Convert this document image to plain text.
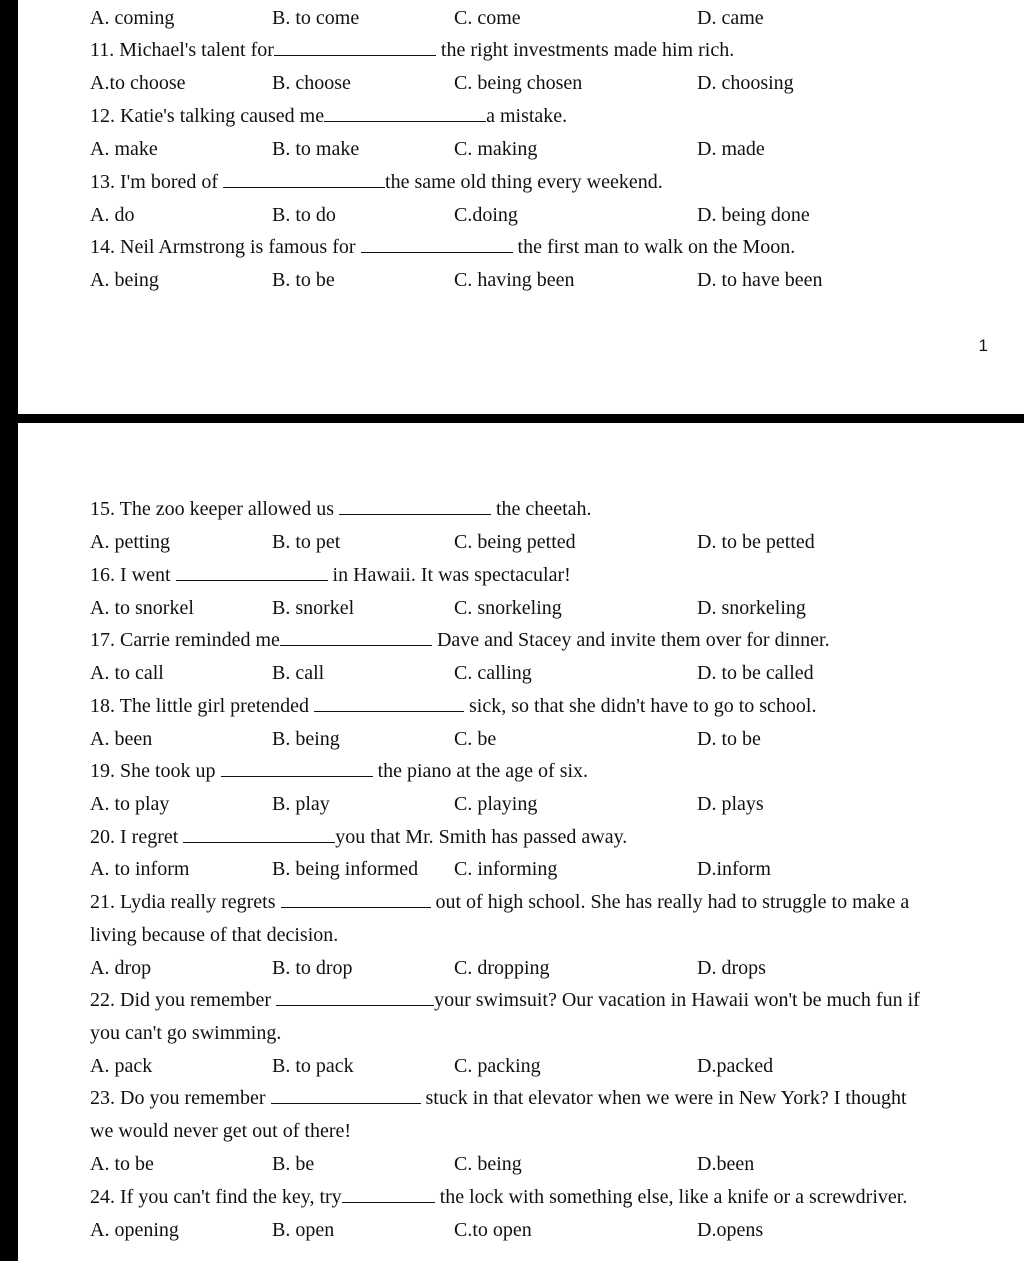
A. coming	B. to come	C. come	D. came
11. Michael's talent for	the right investments made him rich.
A.to choose	B. choose	C. being chosen	D. choosing
12. Katie's talking caused me	a mistake.
A. make	B. to make	C. making	D. made
13. I'm bored of	the same old thing every weekend.
A. do	B. to do	C.doing	D. being done
14. Neil Armstrong is famous for	the first man to walk on the Moon.
A. being	B. to be	C. having been	D. to have been
1
15. The zoo keeper allowed us	the cheetah.
A. petting	B. to pet	C. being petted	D. to be petted
16. I went	in Hawaii. It was spectacular!
A. to snorkel	B. snorkel	C. snorkeling	D. snorkeling
17. Carrie reminded me	Dave and Stacey and invite them over for dinner.
A. to call	B. call	C. calling	D. to be called
18. The little girl pretended	sick, so that she didn't have to go to school.
A. been	B. being	C. be	D. to be
19. She took up	the piano at the age of six.
A. to play	B. play	C. playing	D. plays
20. I regret	you that Mr. Smith has passed away.
A. to inform	B. being informed C. informing	D.inform
21. Lydia really regrets	out of high school. She has really had to struggle to make a
living because of that decision.
A. drop	B. to drop	C. dropping	D. drops
22. Did you remember	your swimsuit? Our vacation in Hawaii won't be much fun if
you can't go swimming.
A. pack	B. to pack	C. packing	D.packed
23. Do you remember	stuck in that elevator when we were in New York? I thought
we would never get out of there!
A. to be	B. be	C. being	D.been
24. If you can't find the key, try	the lock with something else, like a knife or a screwdriver.
A. opening	B. open	C.to open	D.opens
